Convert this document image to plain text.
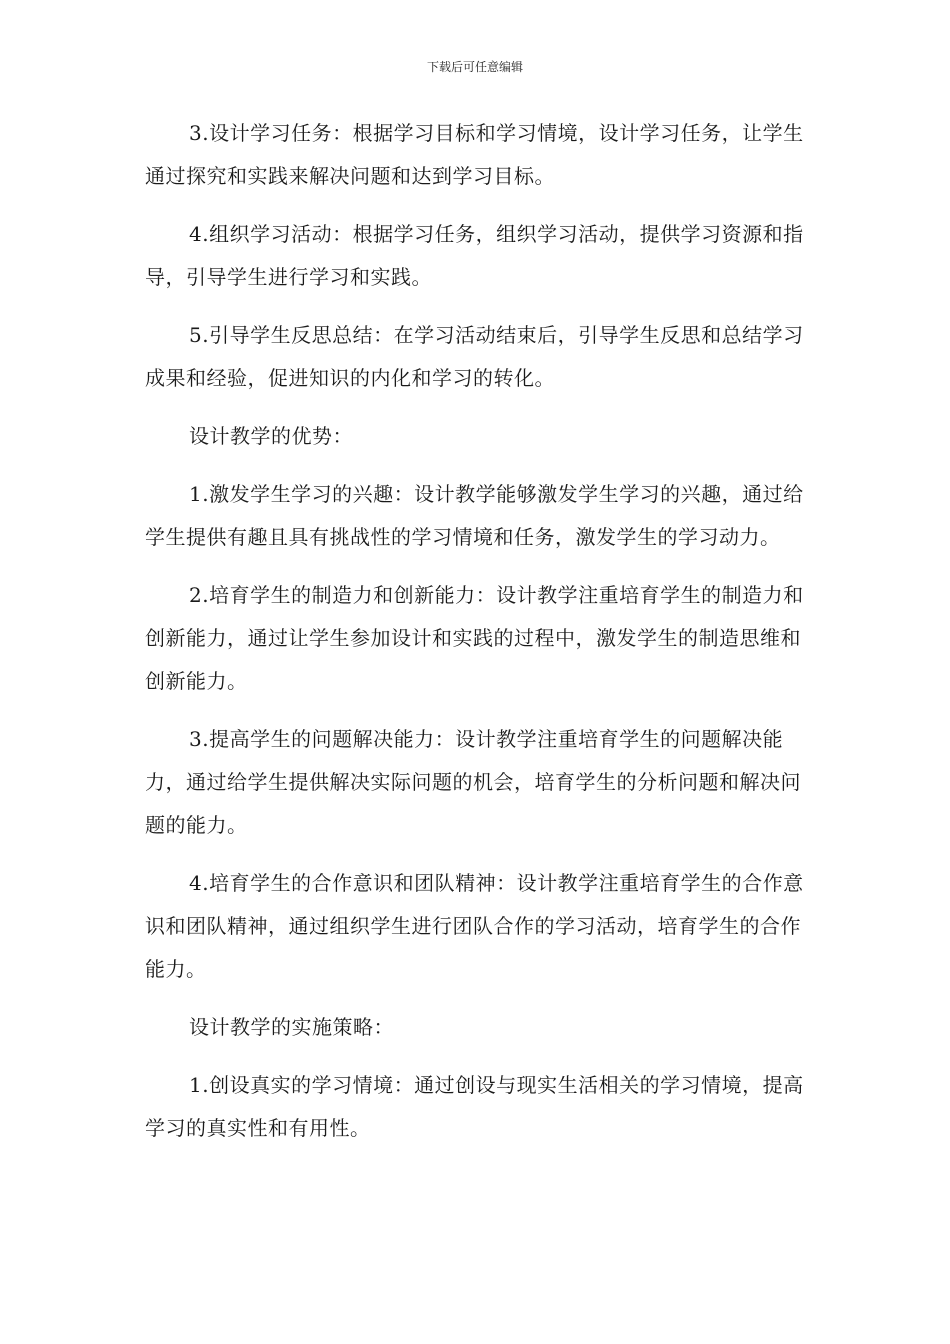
下载后可任意编辑

3.设计学习任务：根据学习目标和学习情境，设计学习任务，让学生通过探究和实践来解决问题和达到学习目标。

4.组织学习活动：根据学习任务，组织学习活动，提供学习资源和指导，引导学生进行学习和实践。

5.引导学生反思总结：在学习活动结束后，引导学生反思和总结学习成果和经验，促进知识的内化和学习的转化。

设计教学的优势：

1.激发学生学习的兴趣：设计教学能够激发学生学习的兴趣，通过给学生提供有趣且具有挑战性的学习情境和任务，激发学生的学习动力。

2.培育学生的制造力和创新能力：设计教学注重培育学生的制造力和创新能力，通过让学生参加设计和实践的过程中，激发学生的制造思维和创新能力。

3.提高学生的问题解决能力：设计教学注重培育学生的问题解决能力，通过给学生提供解决实际问题的机会，培育学生的分析问题和解决问题的能力。

4.培育学生的合作意识和团队精神：设计教学注重培育学生的合作意识和团队精神，通过组织学生进行团队合作的学习活动，培育学生的合作能力。

设计教学的实施策略：

1.创设真实的学习情境：通过创设与现实生活相关的学习情境，提高学习的真实性和有用性。
